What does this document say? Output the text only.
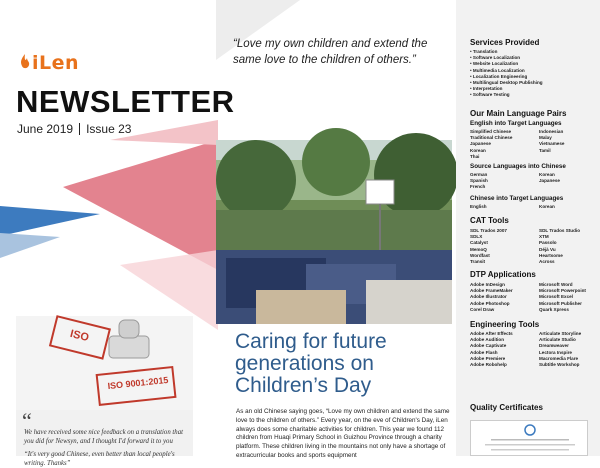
iLen
NEWSLETTER
June 2019 Issue 23
“Love my own children and extend the same love to the children of others.”
ISO
ISO 9001:2015
“
We have received some nice feedback on a translation that you did for Newsyn, and I thought I'd forward it to you
“It's very good Chinese, even better than local people's writing. Thanks”
Caring for future generations on Children’s Day
As an old Chinese saying goes, “Love my own children and extend the same love to the children of others.” Every year, on the eve of Children's Day, iLen always does some charitable activities for children. This year we found 112 children from Huaqi Primary School in Guizhou Province through a charity platform. These children living in the mountains not only have a shortage of extracurricular books and sports equipment
Services Provided
• Translation
• Software Localization
• Website Localization
• Multimedia Localization
• Localization Engineering
• Multilingual Desktop Publishing
• Interpretation
• Software Testing
Our Main Language Pairs
English into Target Languages
Simplified Chinese
Traditional Chinese
Japanese
Korean
Thai
Indonesian
Malay
Vietnamese
Tamil
Source Languages into Chinese
German
Spanish
French
Korean
Japanese
Chinese into Target Languages
English	Korean
CAT Tools
SDL Trados 2007
SDLX
Catalyst
MemoQ
Wordfast
Transit
SDL Trados Studio
XTM
Passolo
Déjà Vu
Heartsome
Across
DTP Applications
Adobe InDesign
Adobe FrameMaker
Adobe Illustrator
Adobe Photoshop
Corel Draw
Microsoft Word
Microsoft Powerpoint
Microsoft Excel
Microsoft Publisher
Quark Xpress
Engineering Tools
Adobe After Effects
Adobe Audition
Adobe Captivate
Adobe Flash
Adobe Premiere
Adobe Robohelp
Articulate Storyline
Articulate Studio
Dreamweaver
Lectora Inspire
Macromedia Flare
Subtitle Workshop
Quality Certificates
